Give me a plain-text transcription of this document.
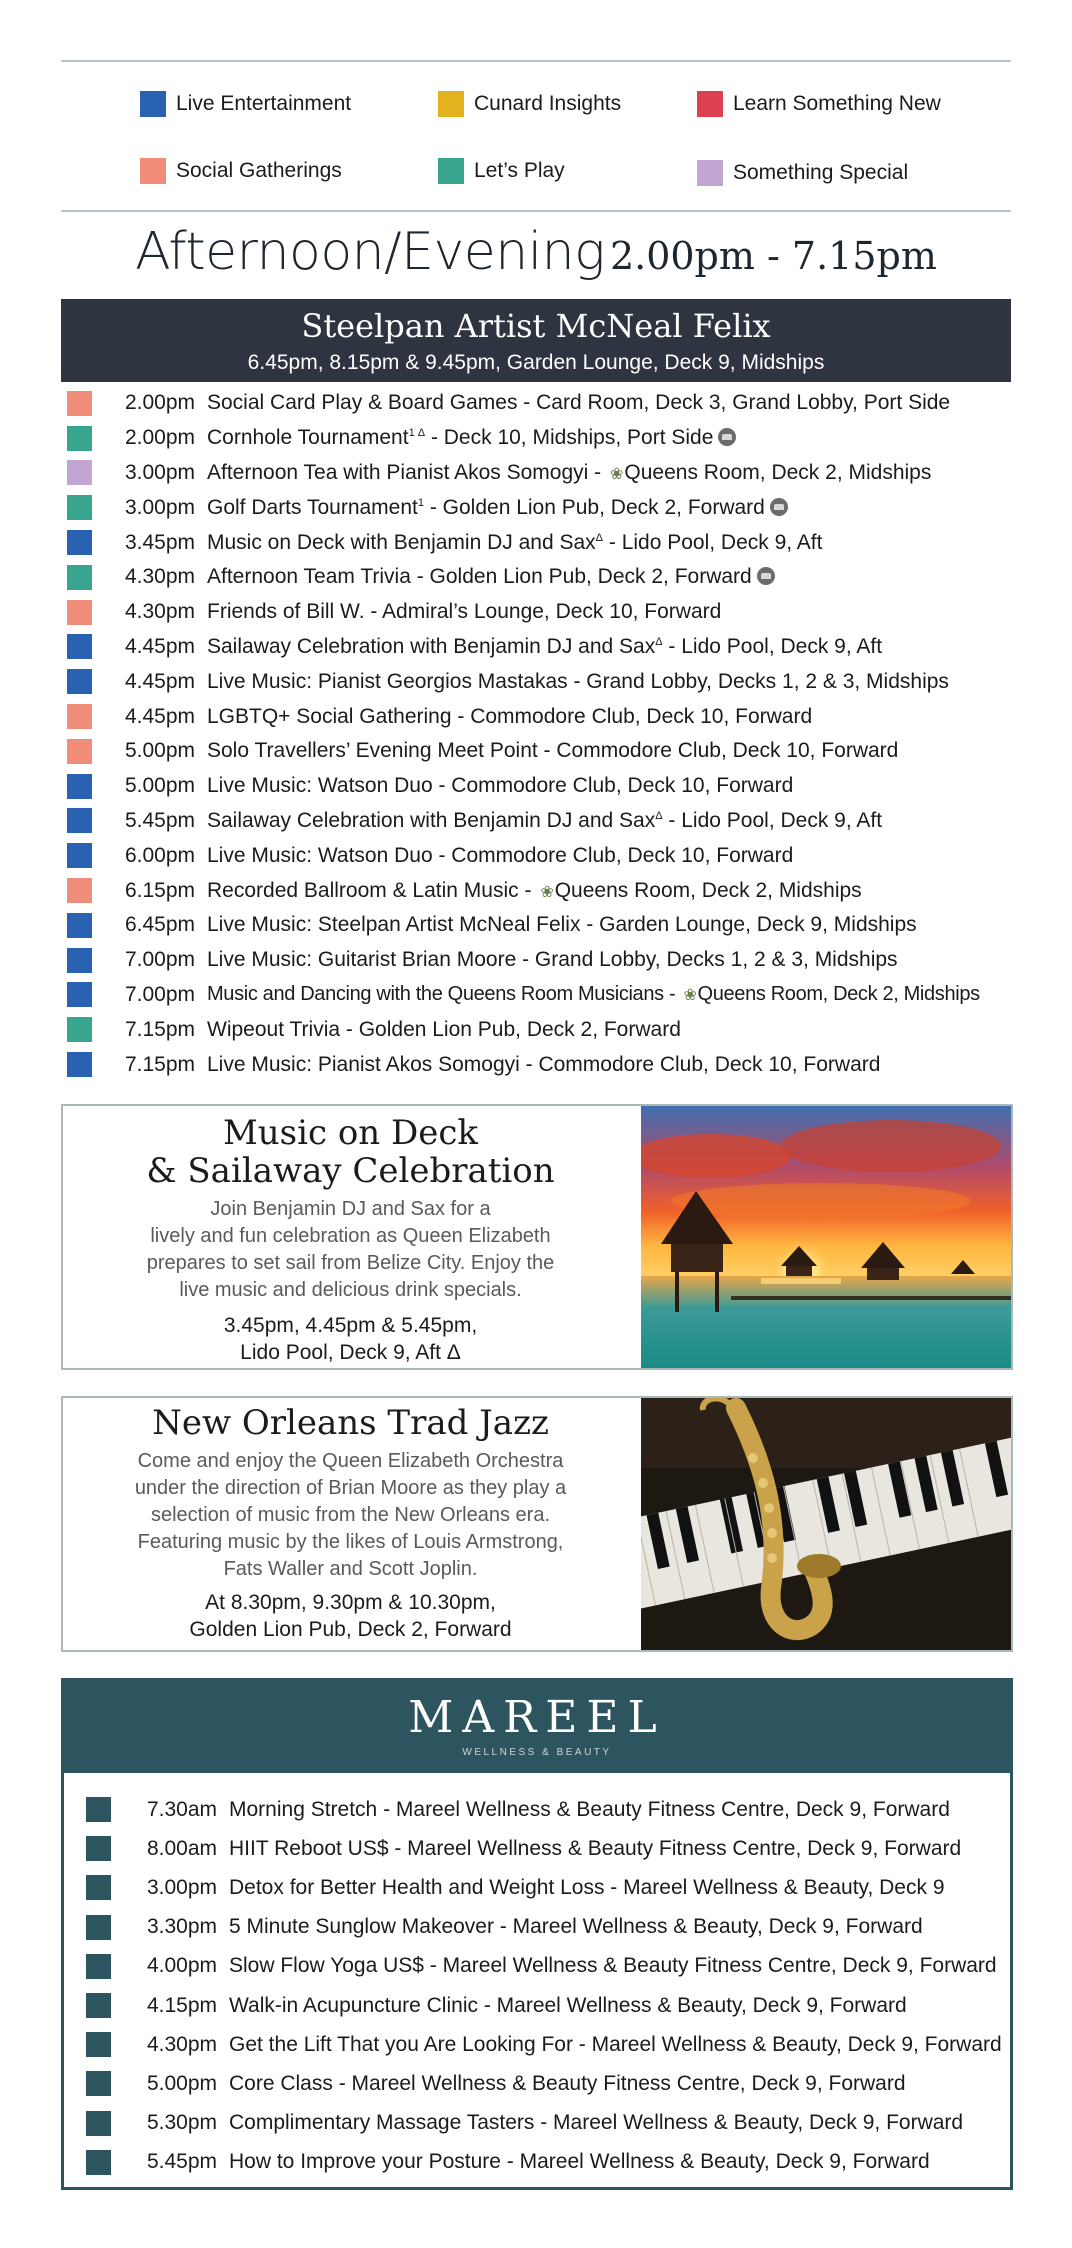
Live Entertainment	Cunard Insights	Learn Something New
Social Gatherings	Let’s Play	Something Special
Afternoon/Evening 2.00pm - 7.15pm
Steelpan Artist McNeal Felix
6.45pm, 8.15pm & 9.45pm, Garden Lounge, Deck 9, Midships
2.00pm Social Card Play & Board Games - Card Room, Deck 3, Grand Lobby, Port Side
2.00pm Cornhole Tournament$^{1 \Delta}$ - Deck 10, Midships, Port Side
3.00pm Afternoon Tea with Pianist Akos Somogyi - ❀Queens Room, Deck 2, Midships
3.00pm Golf Darts Tournament$^1$ - Golden Lion Pub, Deck 2, Forward
3.45pm Music on Deck with Benjamin DJ and Sax$^\Delta$ - Lido Pool, Deck 9, Aft
4.30pm Afternoon Team Trivia - Golden Lion Pub, Deck 2, Forward
4.30pm Friends of Bill W. - Admiral’s Lounge, Deck 10, Forward
4.45pm Sailaway Celebration with Benjamin DJ and Sax$^\Delta$ - Lido Pool, Deck 9, Aft
4.45pm Live Music: Pianist Georgios Mastakas - Grand Lobby, Decks 1, 2 & 3, Midships
4.45pm LGBTQ+ Social Gathering - Commodore Club, Deck 10, Forward
5.00pm Solo Travellers’ Evening Meet Point - Commodore Club, Deck 10, Forward
5.00pm Live Music: Watson Duo - Commodore Club, Deck 10, Forward
5.45pm Sailaway Celebration with Benjamin DJ and Sax$^\Delta$ - Lido Pool, Deck 9, Aft
6.00pm Live Music: Watson Duo - Commodore Club, Deck 10, Forward
6.15pm Recorded Ballroom & Latin Music - ❀Queens Room, Deck 2, Midships
6.45pm Live Music: Steelpan Artist McNeal Felix - Garden Lounge, Deck 9, Midships
7.00pm Live Music: Guitarist Brian Moore - Grand Lobby, Decks 1, 2 & 3, Midships
7.00pm Music and Dancing with the Queens Room Musicians - ❀Queens Room, Deck 2, Midships
7.15pm Wipeout Trivia - Golden Lion Pub, Deck 2, Forward
7.15pm Live Music: Pianist Akos Somogyi - Commodore Club, Deck 10, Forward
Music on Deck
& Sailaway Celebration
Join Benjamin DJ and Sax for a
lively and fun celebration as Queen Elizabeth
prepares to set sail from Belize City. Enjoy the
live music and delicious drink specials.
3.45pm, 4.45pm & 5.45pm,
Lido Pool, Deck 9, Aft Δ
New Orleans Trad Jazz
Come and enjoy the Queen Elizabeth Orchestra
under the direction of Brian Moore as they play a
selection of music from the New Orleans era.
Featuring music by the likes of Louis Armstrong,
Fats Waller and Scott Joplin.
At 8.30pm, 9.30pm & 10.30pm,
Golden Lion Pub, Deck 2, Forward
MAREEL
WELLNESS & BEAUTY
7.30am Morning Stretch - Mareel Wellness & Beauty Fitness Centre, Deck 9, Forward
8.00am HIIT Reboot US$ - Mareel Wellness & Beauty Fitness Centre, Deck 9, Forward
3.00pm Detox for Better Health and Weight Loss - Mareel Wellness & Beauty, Deck 9
3.30pm 5 Minute Sunglow Makeover - Mareel Wellness & Beauty, Deck 9, Forward
4.00pm Slow Flow Yoga US$ - Mareel Wellness & Beauty Fitness Centre, Deck 9, Forward
4.15pm Walk-in Acupuncture Clinic - Mareel Wellness & Beauty, Deck 9, Forward
4.30pm Get the Lift That you Are Looking For - Mareel Wellness & Beauty, Deck 9, Forward
5.00pm Core Class - Mareel Wellness & Beauty Fitness Centre, Deck 9, Forward
5.30pm Complimentary Massage Tasters - Mareel Wellness & Beauty, Deck 9, Forward
5.45pm How to Improve your Posture - Mareel Wellness & Beauty, Deck 9, Forward
